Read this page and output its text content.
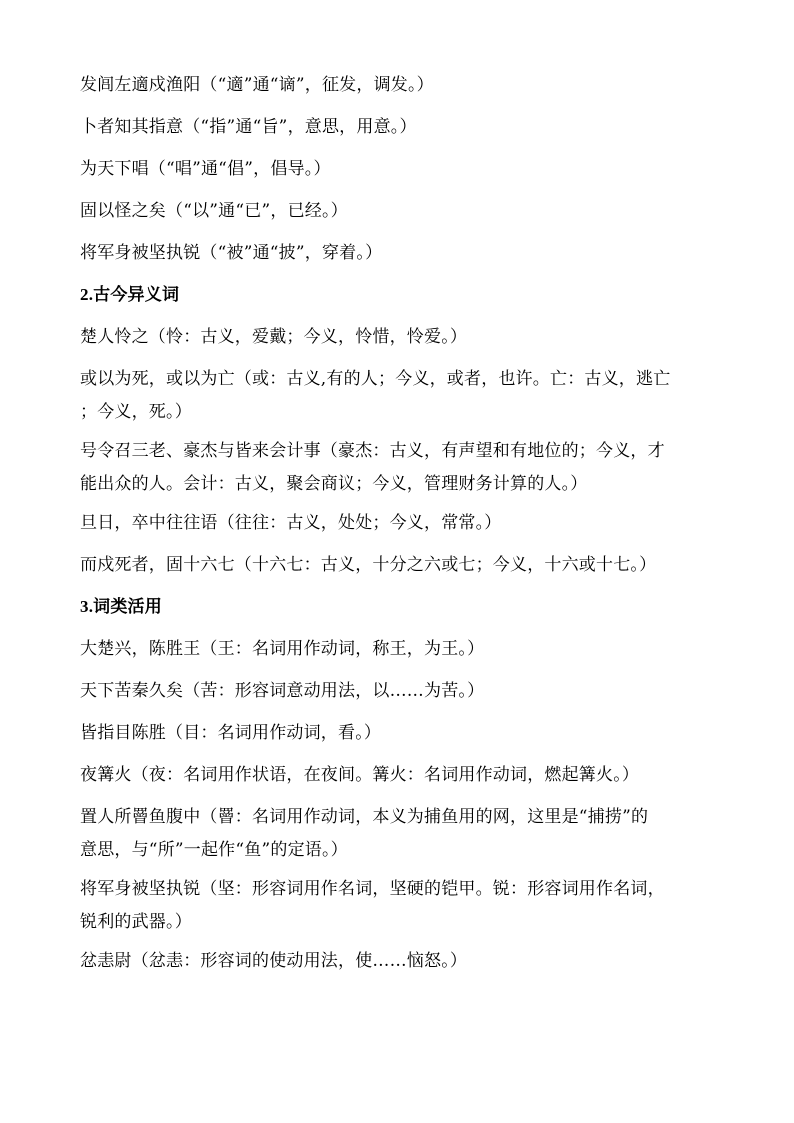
发闾左適戍渔阳（“適”通“谪”，征发，调发。）
卜者知其指意（“指”通“旨”，意思，用意。）
为天下唱（“唱”通“倡”，倡导。）
固以怪之矣（“以”通“已”，已经。）
将军身被坚执锐（“被”通“披”，穿着。）
2.古今异义词
楚人怜之（怜：古义，爱戴；今义，怜惜，怜爱。）
或以为死，或以为亡（或：古义,有的人；今义，或者，也许。亡：古义，逃亡
；今义，死。）
号令召三老、豪杰与皆来会计事（豪杰：古义，有声望和有地位的；今义，才
能出众的人。会计：古义，聚会商议；今义，管理财务计算的人。）
旦日，卒中往往语（往往：古义，处处；今义，常常。）
而戍死者，固十六七（十六七：古义，十分之六或七；今义，十六或十七。）
3.词类活用
大楚兴，陈胜王（王：名词用作动词，称王，为王。）
天下苦秦久矣（苦：形容词意动用法，以……为苦。）
皆指目陈胜（目：名词用作动词，看。）
夜篝火（夜：名词用作状语，在夜间。篝火：名词用作动词，燃起篝火。）
置人所罾鱼腹中（罾：名词用作动词，本义为捕鱼用的网，这里是“捕捞”的
意思，与“所”一起作“鱼”的定语。）
将军身被坚执锐（坚：形容词用作名词，坚硬的铠甲。锐：形容词用作名词，
锐利的武器。）
忿恚尉（忿恚：形容词的使动用法，使……恼怒。）
